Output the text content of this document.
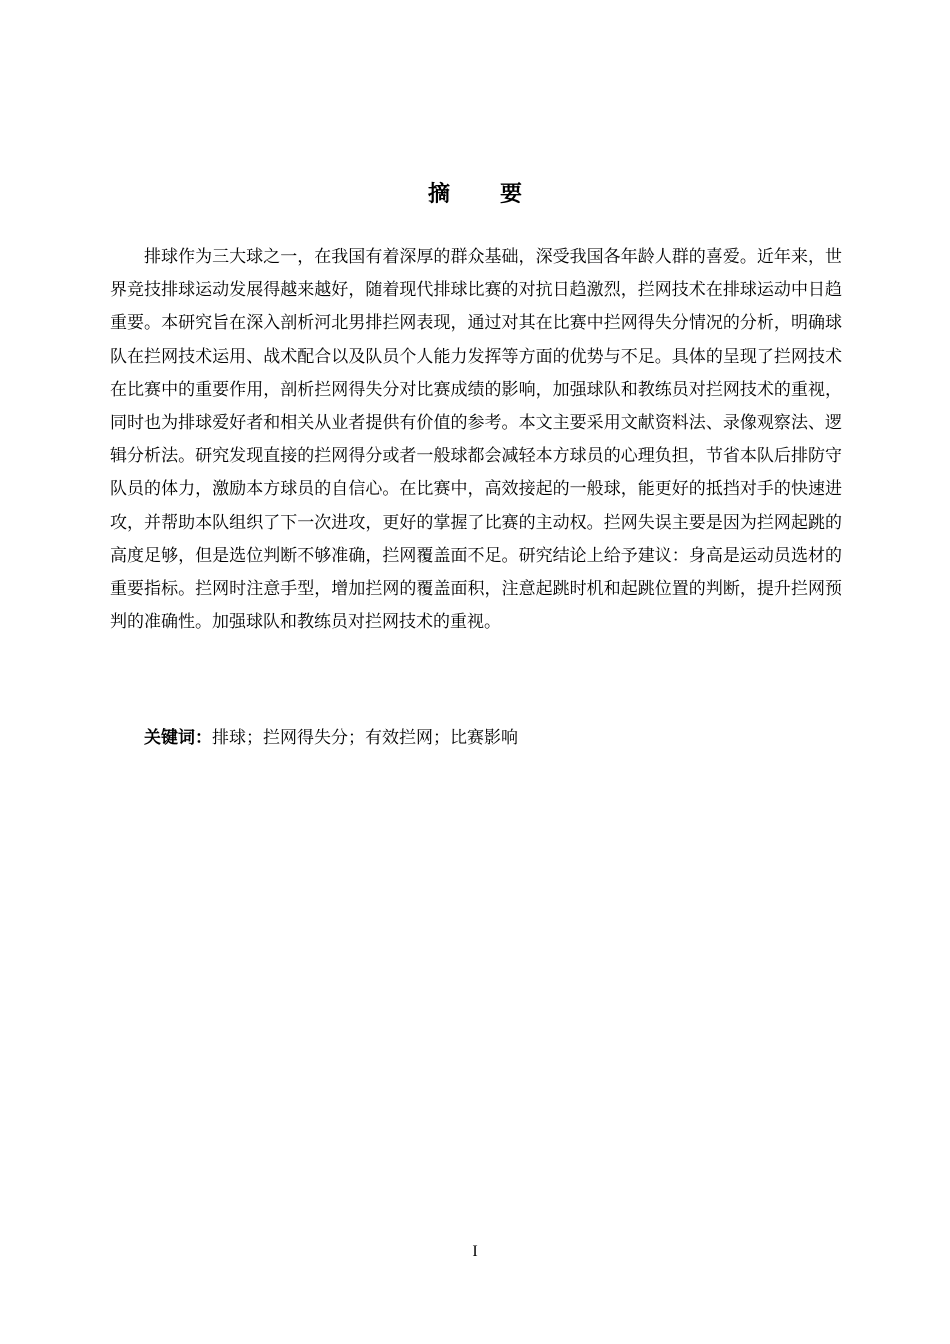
摘 要

排球作为三大球之一，在我国有着深厚的群众基础，深受我国各年龄人群的喜爱。近年来，世界竞技排球运动发展得越来越好，随着现代排球比赛的对抗日趋激烈，拦网技术在排球运动中日趋重要。本研究旨在深入剖析河北男排拦网表现，通过对其在比赛中拦网得失分情况的分析，明确球队在拦网技术运用、战术配合以及队员个人能力发挥等方面的优势与不足。具体的呈现了拦网技术在比赛中的重要作用，剖析拦网得失分对比赛成绩的影响，加强球队和教练员对拦网技术的重视，同时也为排球爱好者和相关从业者提供有价值的参考。本文主要采用文献资料法、录像观察法、逻辑分析法。研究发现直接的拦网得分或者一般球都会减轻本方球员的心理负担，节省本队后排防守队员的体力，激励本方球员的自信心。在比赛中，高效接起的一般球，能更好的抵挡对手的快速进攻，并帮助本队组织了下一次进攻，更好的掌握了比赛的主动权。拦网失误主要是因为拦网起跳的高度足够，但是选位判断不够准确，拦网覆盖面不足。研究结论上给予建议：身高是运动员选材的重要指标。拦网时注意手型，增加拦网的覆盖面积，注意起跳时机和起跳位置的判断，提升拦网预判的准确性。加强球队和教练员对拦网技术的重视。

关键词：排球；拦网得失分；有效拦网；比赛影响

I
